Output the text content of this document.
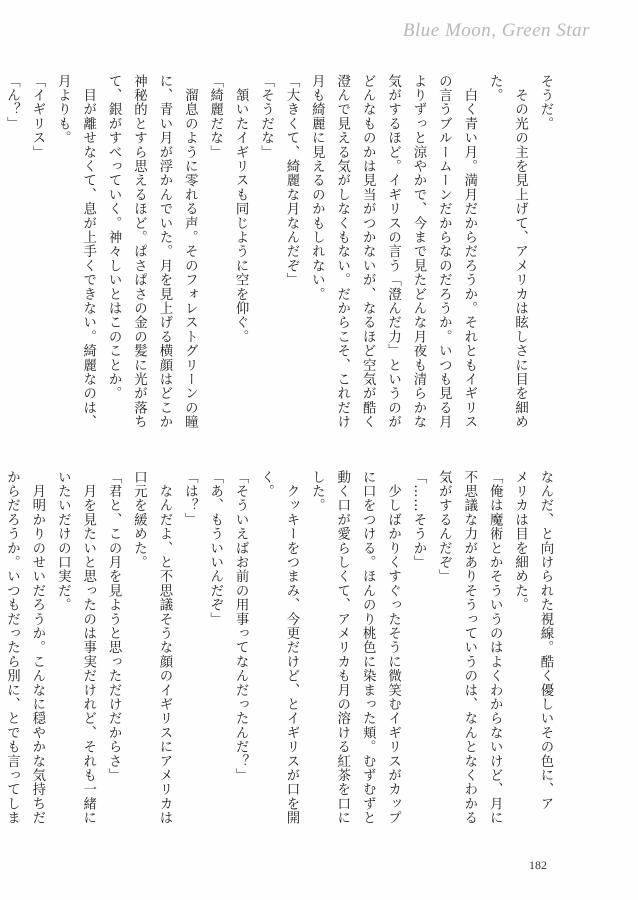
Blue Moon, Green Star
そうだ。
　その光の主を見上げて、アメリカは眩しさに目を細め
た。
　白く青い月。満月だからだろうか。それともイギリス
の言うブルームーンだからなのだろうか。いつも見る月
よりずっと涼やかで、今まで見たどんな月夜も清らかな
気がするほど。イギリスの言う「澄んだ力」というのが
どんなものかは見当がつかないが、なるほど空気が酷く
澄んで見える気がしなくもない。だからこそ、これだけ
月も綺麗に見えるのかもしれない。
「大きくて、綺麗な月なんだぞ」
「そうだな」
　頷いたイギリスも同じように空を仰ぐ。
「綺麗だな」
　溜息のように零れる声。そのフォレストグリーンの瞳
に、青い月が浮かんでいた。月を見上げる横顔はどこか
神秘的とすら思えるほど。ぱさぱさの金の髪に光が落ち
て、銀がすべっていく。神々しいとはこのことか。
　目が離せなくて、息が上手くできない。綺麗なのは、
月よりも。
「イギリス」
「ん？」
なんだ、と向けられた視線。酷く優しいその色に、ア
メリカは目を細めた。
「俺は魔術とかそういうのはよくわからないけど、月に
不思議な力がありそうっていうのは、なんとなくわかる
気がするんだぞ」
「……そうか」
　少しばかりくすぐったそうに微笑むイギリスがカップ
に口をつける。ほんのり桃色に染まった頬。むずむずと
動く口が愛らしくて、アメリカも月の溶ける紅茶を口に
した。
　クッキーをつまみ、今更だけど、とイギリスが口を開
く。
「そういえばお前の用事ってなんだったんだ？」
「あ、もういいんだぞ」
「は？」
　なんだよ、と不思議そうな顔のイギリスにアメリカは
口元を緩めた。
「君と、この月を見ようと思っただけだからさ」
　月を見たいと思ったのは事実だけれど、それも一緒に
いたいだけの口実だ。
　月明かりのせいだろうか。こんなに穏やかな気持ちだ
からだろうか。いつもだったら別に、とでも言ってしま
182
